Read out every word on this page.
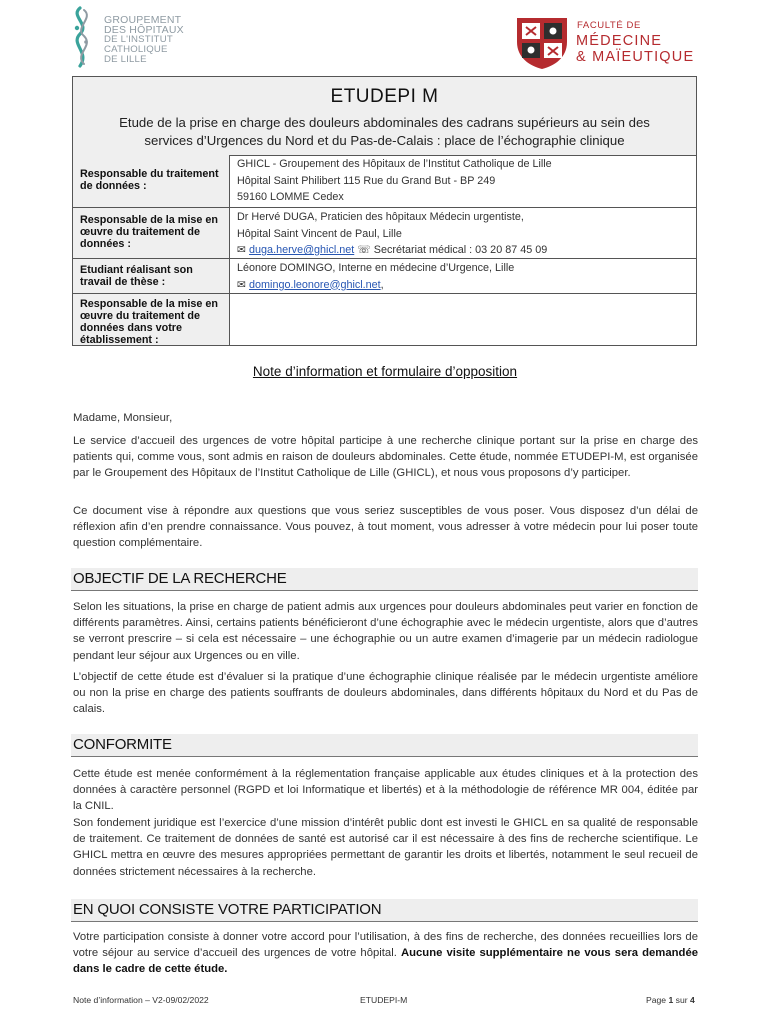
GROUPEMENT
DES HÔPITAUX
DE L'INSTITUT
CATHOLIQUE
DE LILLE
FACULTÉ DE
MÉDECINE
& MAÏEUTIQUE
ETUDEPI M
Etude de la prise en charge des douleurs abdominales des cadrans supérieurs au sein des services d’Urgences du Nord et du Pas-de-Calais : place de l’échographie clinique
Responsable du traitement de données :
GHICL - Groupement des Hôpitaux de l’Institut Catholique de Lille
Hôpital Saint Philibert 115 Rue du Grand But - BP 249
59160 LOMME Cedex
Responsable de la mise en œuvre du traitement de données :
Dr Hervé DUGA, Praticien des hôpitaux Médecin urgentiste,
Hôpital Saint Vincent de Paul, Lille
✉ duga.herve@ghicl.net ☏ Secrétariat médical : 03 20 87 45 09
Etudiant réalisant son travail de thèse :
Léonore DOMINGO, Interne en médecine d’Urgence, Lille
✉ domingo.leonore@ghicl.net,
Responsable de la mise en œuvre du traitement de données dans votre établissement :
Note d’information et formulaire d’opposition
Madame, Monsieur,
Le service d’accueil des urgences de votre hôpital participe à une recherche clinique portant sur la prise en charge des patients qui, comme vous, sont admis en raison de douleurs abdominales. Cette étude, nommée ETUDEPI-M, est organisée par le Groupement des Hôpitaux de l’Institut Catholique de Lille (GHICL), et nous vous proposons d’y participer.
Ce document vise à répondre aux questions que vous seriez susceptibles de vous poser. Vous disposez d’un délai de réflexion afin d’en prendre connaissance. Vous pouvez, à tout moment, vous adresser à votre médecin pour lui poser toute question complémentaire.
OBJECTIF DE LA RECHERCHE
Selon les situations, la prise en charge de patient admis aux urgences pour douleurs abdominales peut varier en fonction de différents paramètres. Ainsi, certains patients bénéficieront d’une échographie avec le médecin urgentiste, alors que d’autres se verront prescrire – si cela est nécessaire – une échographie ou un autre examen d’imagerie par un médecin radiologue pendant leur séjour aux Urgences ou en ville.
L’objectif de cette étude est d’évaluer si la pratique d’une échographie clinique réalisée par le médecin urgentiste améliore ou non la prise en charge des patients souffrants de douleurs abdominales, dans différents hôpitaux du Nord et du Pas de calais.
CONFORMITE
Cette étude est menée conformément à la réglementation française applicable aux études cliniques et à la protection des données à caractère personnel (RGPD et loi Informatique et libertés) et à la méthodologie de référence MR 004, éditée par la CNIL.
Son fondement juridique est l’exercice d’une mission d’intérêt public dont est investi le GHICL en sa qualité de responsable de traitement. Ce traitement de données de santé est autorisé car il est nécessaire à des fins de recherche scientifique. Le GHICL mettra en œuvre des mesures appropriées permettant de garantir les droits et libertés, notamment le seul recueil de données strictement nécessaires à la recherche.
EN QUOI CONSISTE VOTRE PARTICIPATION
Votre participation consiste à donner votre accord pour l’utilisation, à des fins de recherche, des données recueillies lors de votre séjour au service d’accueil des urgences de votre hôpital. Aucune visite supplémentaire ne vous sera demandée dans le cadre de cette étude.
Note d’information – V2-09/02/2022	ETUDEPI-M	Page 1 sur 4
